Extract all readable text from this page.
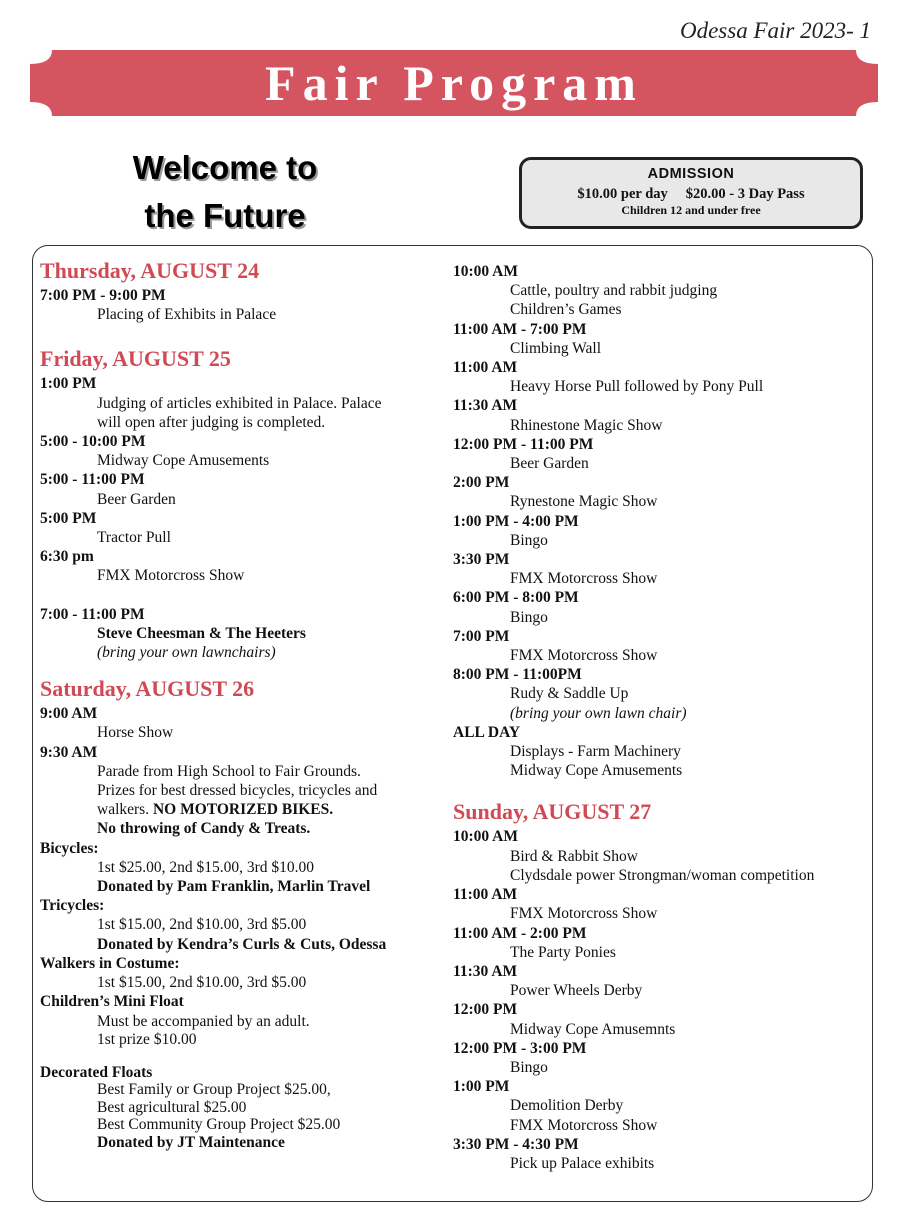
Odessa Fair 2023- 1
Fair Program
Welcome to
the Future
ADMISSION
$10.00 per day $20.00 - 3 Day Pass
Children 12 and under free
Thursday, AUGUST 24
7:00 PM - 9:00 PM
Placing of Exhibits in Palace
Friday, AUGUST 25
1:00 PM
Judging of articles exhibited in Palace. Palace
will open after judging is completed.
5:00 - 10:00 PM
Midway Cope Amusements
5:00 - 11:00 PM
Beer Garden
5:00 PM
Tractor Pull
6:30 pm
FMX Motorcross Show
7:00 - 11:00 PM
Steve Cheesman & The Heeters
(bring your own lawnchairs)
Saturday, AUGUST 26
9:00 AM
Horse Show
9:30 AM
Parade from High School to Fair Grounds.
Prizes for best dressed bicycles, tricycles and
walkers. NO MOTORIZED BIKES.
No throwing of Candy & Treats.
Bicycles:
1st $25.00, 2nd $15.00, 3rd $10.00
Donated by Pam Franklin, Marlin Travel
Tricycles:
1st $15.00, 2nd $10.00, 3rd $5.00
Donated by Kendra’s Curls & Cuts, Odessa
Walkers in Costume:
1st $15.00, 2nd $10.00, 3rd $5.00
Children’s Mini Float
Must be accompanied by an adult.
1st prize $10.00
Decorated Floats
Best Family or Group Project $25.00,
Best agricultural $25.00
Best Community Group Project $25.00
Donated by JT Maintenance
10:00 AM
Cattle, poultry and rabbit judging
Children’s Games
11:00 AM - 7:00 PM
Climbing Wall
11:00 AM
Heavy Horse Pull followed by Pony Pull
11:30 AM
Rhinestone Magic Show
12:00 PM - 11:00 PM
Beer Garden
2:00 PM
Rynestone Magic Show
1:00 PM - 4:00 PM
Bingo
3:30 PM
FMX Motorcross Show
6:00 PM - 8:00 PM
Bingo
7:00 PM
FMX Motorcross Show
8:00 PM - 11:00PM
Rudy & Saddle Up
(bring your own lawn chair)
ALL DAY
Displays - Farm Machinery
Midway Cope Amusements
Sunday, AUGUST 27
10:00 AM
Bird & Rabbit Show
Clydsdale power Strongman/woman competition
11:00 AM
FMX Motorcross Show
11:00 AM - 2:00 PM
The Party Ponies
11:30 AM
Power Wheels Derby
12:00 PM
Midway Cope Amusemnts
12:00 PM - 3:00 PM
Bingo
1:00 PM
Demolition Derby
FMX Motorcross Show
3:30 PM - 4:30 PM
Pick up Palace exhibits
